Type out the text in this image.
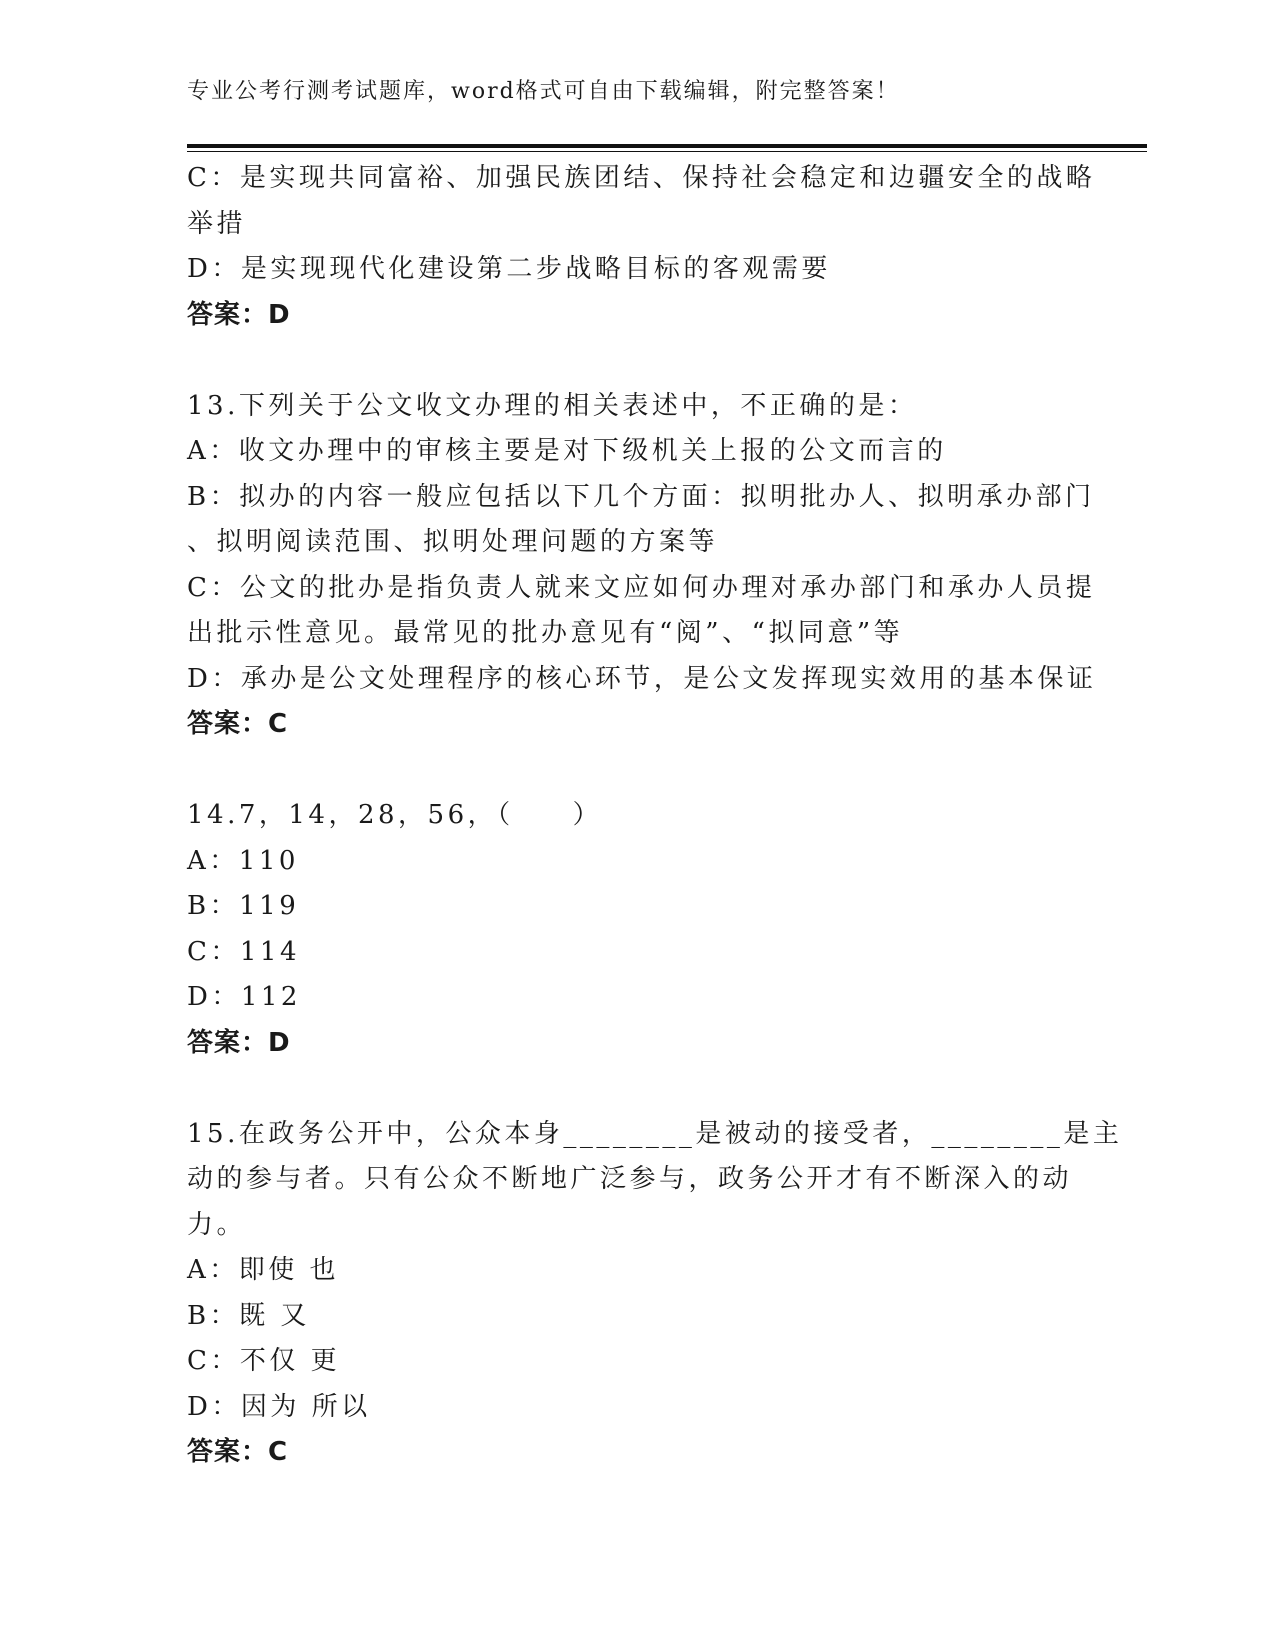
专业公考行测考试题库，word格式可自由下载编辑，附完整答案！
C：是实现共同富裕、加强民族团结、保持社会稳定和边疆安全的战略
举措
D：是实现现代化建设第二步战略目标的客观需要
答案：D
13.下列关于公文收文办理的相关表述中，不正确的是：
A：收文办理中的审核主要是对下级机关上报的公文而言的
B：拟办的内容一般应包括以下几个方面：拟明批办人、拟明承办部门
、拟明阅读范围、拟明处理问题的方案等
C：公文的批办是指负责人就来文应如何办理对承办部门和承办人员提
出批示性意见。最常见的批办意见有“阅”、“拟同意”等
D：承办是公文处理程序的核心环节，是公文发挥现实效用的基本保证
答案：C
14.7，14，28，56，（　　）
A：110
B：119
C：114
D：112
答案：D
15.在政务公开中，公众本身________是被动的接受者，________是主
动的参与者。只有公众不断地广泛参与，政务公开才有不断深入的动
力。
A：即使 也
B：既 又
C：不仅 更
D：因为 所以
答案：C
